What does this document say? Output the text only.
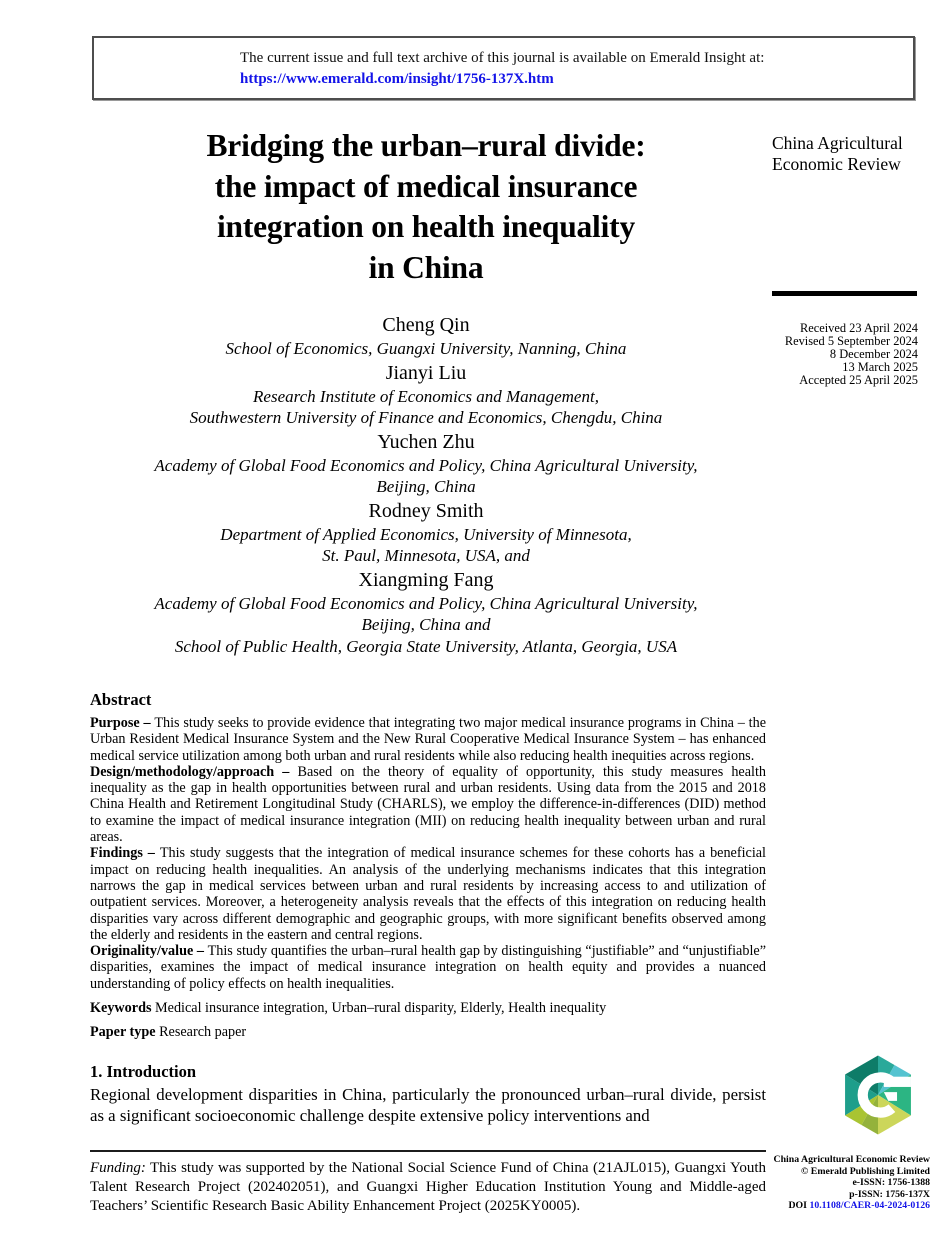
The current issue and full text archive of this journal is available on Emerald Insight at:
https://www.emerald.com/insight/1756-137X.htm
Bridging the urban–rural divide:
the impact of medical insurance
integration on health inequality
in China
China Agricultural
Economic Review
Received 23 April 2024
Revised 5 September 2024
8 December 2024
13 March 2025
Accepted 25 April 2025
Cheng Qin
School of Economics, Guangxi University, Nanning, China
Jianyi Liu
Research Institute of Economics and Management,
Southwestern University of Finance and Economics, Chengdu, China
Yuchen Zhu
Academy of Global Food Economics and Policy, China Agricultural University,
Beijing, China
Rodney Smith
Department of Applied Economics, University of Minnesota,
St. Paul, Minnesota, USA, and
Xiangming Fang
Academy of Global Food Economics and Policy, China Agricultural University,
Beijing, China and
School of Public Health, Georgia State University, Atlanta, Georgia, USA
Abstract
Purpose – This study seeks to provide evidence that integrating two major medical insurance programs in China – the Urban Resident Medical Insurance System and the New Rural Cooperative Medical Insurance System – has enhanced medical service utilization among both urban and rural residents while also reducing health inequities across regions.
Design/methodology/approach – Based on the theory of equality of opportunity, this study measures health inequality as the gap in health opportunities between rural and urban residents. Using data from the 2015 and 2018 China Health and Retirement Longitudinal Study (CHARLS), we employ the difference-in-differences (DID) method to examine the impact of medical insurance integration (MII) on reducing health inequality between urban and rural areas.
Findings – This study suggests that the integration of medical insurance schemes for these cohorts has a beneficial impact on reducing health inequalities. An analysis of the underlying mechanisms indicates that this integration narrows the gap in medical services between urban and rural residents by increasing access to and utilization of outpatient services. Moreover, a heterogeneity analysis reveals that the effects of this integration on reducing health disparities vary across different demographic and geographic groups, with more significant benefits observed among the elderly and residents in the eastern and central regions.
Originality/value – This study quantifies the urban–rural health gap by distinguishing “justifiable” and “unjustifiable” disparities, examines the impact of medical insurance integration on health equity and provides a nuanced understanding of policy effects on health inequalities.
Keywords Medical insurance integration, Urban–rural disparity, Elderly, Health inequality
Paper type Research paper
1. Introduction

Regional development disparities in China, particularly the pronounced urban–rural divide, persist as a significant socioeconomic challenge despite extensive policy interventions and

Funding: This study was supported by the National Social Science Fund of China (21AJL015), Guangxi Youth Talent Research Project (202402051), and Guangxi Higher Education Institution Young and Middle-aged Teachers’ Scientific Research Basic Ability Enhancement Project (2025KY0005).
China Agricultural Economic Review
© Emerald Publishing Limited
e-ISSN: 1756-1388
p-ISSN: 1756-137X
DOI 10.1108/CAER-04-2024-0126
